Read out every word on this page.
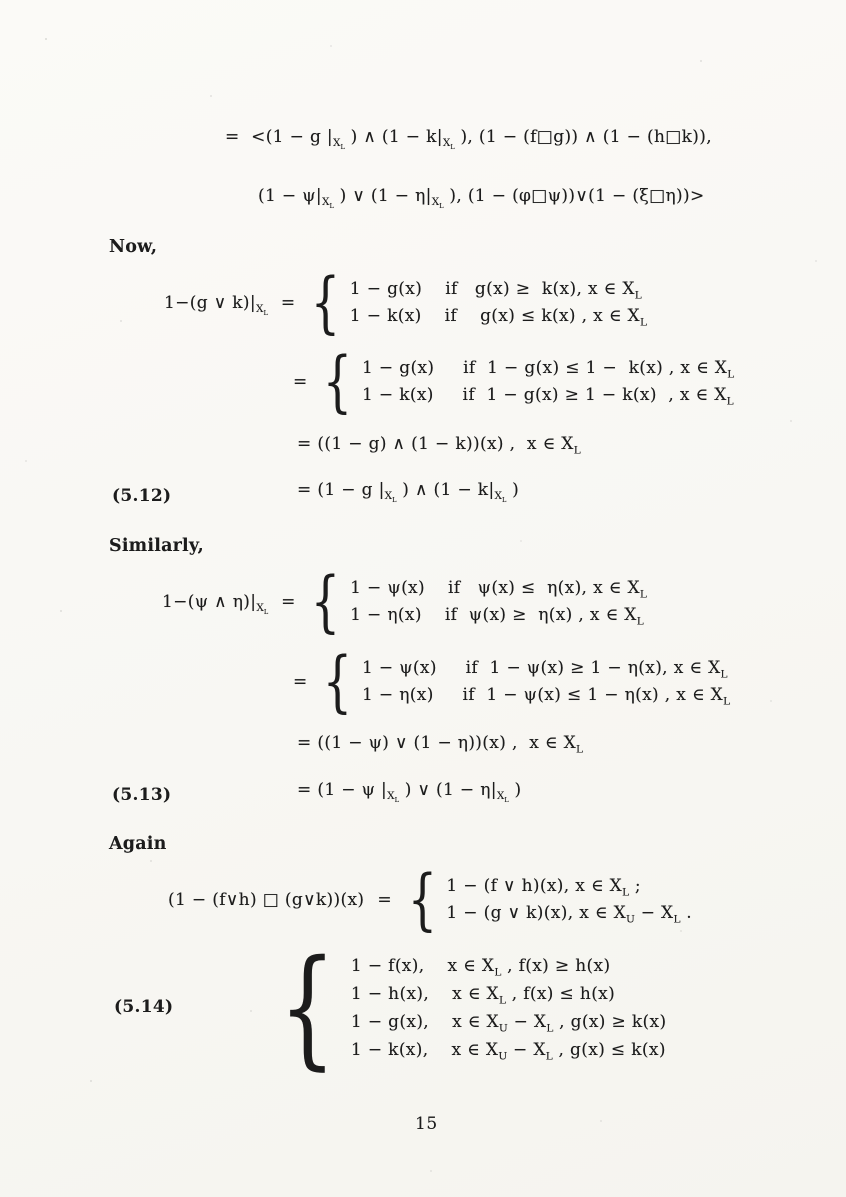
=  <(1 − g $|_{X_L}$ ) ∧ ($1 - k|_{X_L}$ ), (1 − (f□g)) ∧ (1 − (h□k)),
($1 - \psi|_{X_L}$ ) ∨ ($1 - \eta|_{X_L}$ ), (1 − (φ□ψ))∨(1 − (ξ□η))>
Now,
1−(g ∨ $k)|_{X_L}$
= { 1 − g(x)    if   g(x) ≥  k(x), x ∈ $X_L$
1 − k(x)    if    g(x) ≤ k(x) , x ∈ $X_L$
= { 1 − g(x)     if  1 − g(x) ≤ 1 −  k(x) , x ∈ $X_L$
1 − k(x)     if  1 − g(x) ≥ 1 − k(x)  , x ∈ $X_L$
= ((1 − g) ∧ (1 − k))(x) ,  x ∈ $X_L$
(5.12)	= (1 − g $|_{X_L}$ ) ∧ ($1 - k|_{X_L}$ )
Similarly,
1−(ψ ∧ $\eta)|_{X_L}$
= { 1 − ψ(x)    if   ψ(x) ≤  η(x), x ∈ $X_L$
1 − η(x)    if  ψ(x) ≥  η(x) , x ∈ $X_L$
= { 1 − ψ(x)     if  1 − ψ(x) ≥ 1 − η(x), x ∈ $X_L$
1 − η(x)     if  1 − ψ(x) ≤ 1 − η(x) , x ∈ $X_L$
= ((1 − ψ) ∨ (1 − η))(x) ,  x ∈ $X_L$
(5.13)	= (1 − ψ $|_{X_L}$ ) ∨ ($1 - \eta|_{X_L}$ )
Again
(1 − (f∨h) □ (g∨k))(x) = { 1 − (f ∨ h)(x), x ∈ $X_L$ ;
1 − (g ∨ k)(x), x ∈ $X_U - X_L$ .
(5.14) { 1 − f(x),    x ∈ $X_L$ , f(x) ≥ h(x)
1 − h(x),    x ∈ $X_L$ , f(x) ≤ h(x)
1 − g(x),    x ∈ $X_U - X_L$ , g(x) ≥ k(x)
1 − k(x),    x ∈ $X_U - X_L$ , g(x) ≤ k(x)
15
